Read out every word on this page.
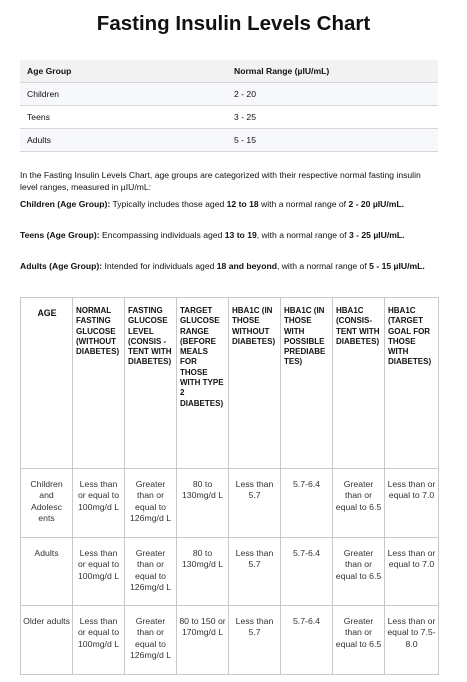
Fasting Insulin Levels Chart
Age Group	Normal Range (µIU/mL)
Children	2 - 20
Teens	3 - 25
Adults	5 - 15
In the Fasting Insulin Levels Chart, age groups are categorized with their respective normal fasting insulin level ranges, measured in µIU/mL:
Children (Age Group): Typically includes those aged 12 to 18 with a normal range of 2 - 20 µIU/mL.
Teens (Age Group): Encompassing individuals aged 13 to 19, with a normal range of 3 - 25 µIU/mL.
Adults (Age Group): Intended for individuals aged 18 and beyond, with a normal range of 5 - 15 µIU/mL.
AGE	NORMAL FASTING GLUCOSE (WITHOUT DIABETES)	FASTING GLUCOSE LEVEL (CONSIS -TENT WITH DIABETES)	TARGET GLUCOSE RANGE (BEFORE MEALS FOR THOSE WITH TYPE 2 DIABETES)	HBA1C (IN THOSE WITHOUT DIABETES)	HBA1C (IN THOSE WITH POSSIBLE PREDIABE TES)	HBA1C (CONSIS- TENT WITH DIABETES)	HBA1C (TARGET GOAL FOR THOSE WITH DIABETES)
Children and Adolesc ents	Less than or equal to 100mg/d L	Greater than or equal to 126mg/d L	80 to 130mg/d L	Less than 5.7	5.7-6.4	Greater than or equal to 6.5	Less than or equal to 7.0
Adults	Less than or equal to 100mg/d L	Greater than or equal to 126mg/d L	80 to 130mg/d L	Less than 5.7	5.7-6.4	Greater than or equal to 6.5	Less than or equal to 7.0
Older adults	Less than or equal to 100mg/d L	Greater than or equal to 126mg/d L	80 to 150 or 170mg/d L	Less than 5.7	5.7-6.4	Greater than or equal to 6.5	Less than or equal to 7.5-8.0
